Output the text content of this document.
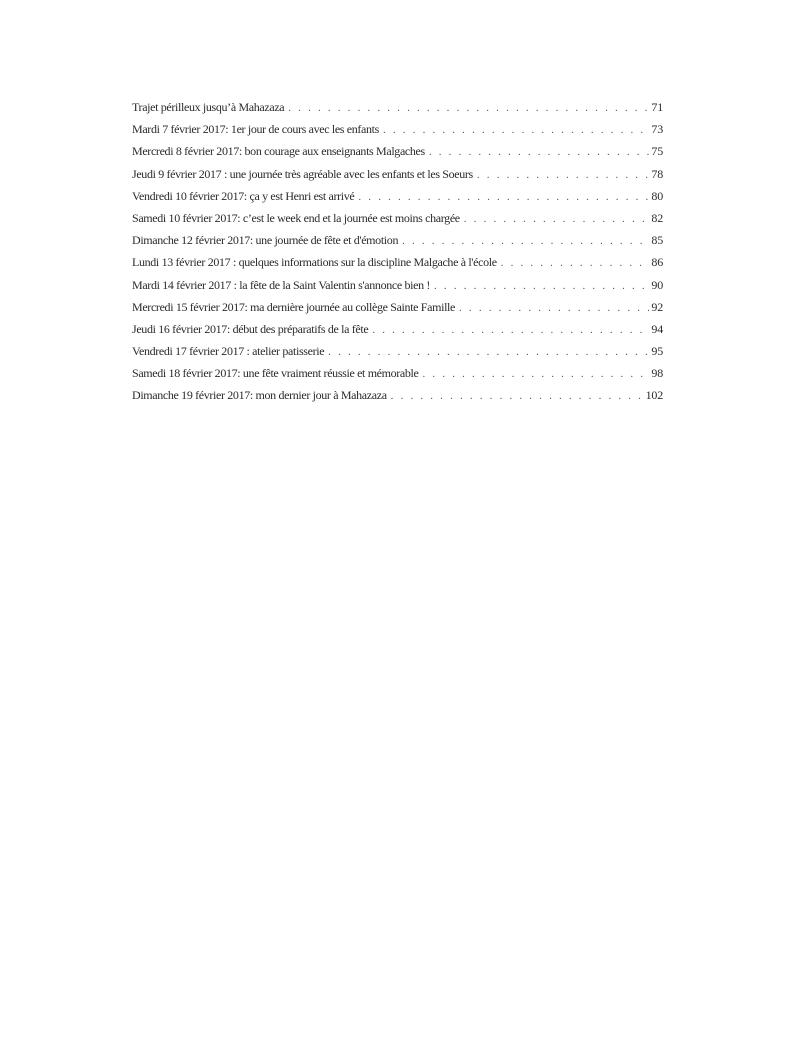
Trajet périlleux jusqu’à Mahazaza . . .	71
Mardi 7 février 2017: 1er jour de cours avec les enfants . . .	73
Mercredi 8 février 2017: bon courage aux enseignants Malgaches . . .	75
Jeudi 9 février 2017 : une journée très agréable avec les enfants et les Soeurs . . .	78
Vendredi 10 février 2017: ça y est Henri est arrivé . . .	80
Samedi 10 février 2017: c’est le week end et la journée est moins chargée . . .	82
Dimanche 12 février 2017: une journée de fête et d'émotion . . .	85
Lundi 13 février 2017 : quelques informations sur la discipline Malgache à l'école . . .	86
Mardi 14 février 2017 : la fête de la Saint Valentin s'annonce bien ! . . .	90
Mercredi 15 février 2017: ma dernière journée au collège Sainte Famille . . .	92
Jeudi 16 février 2017: début des préparatifs de la fête . . .	94
Vendredi 17 février 2017 : atelier patisserie . . .	95
Samedi 18 février 2017: une fête vraiment réussie et mémorable . . .	98
Dimanche 19 février 2017: mon dernier jour à Mahazaza . . .	102
